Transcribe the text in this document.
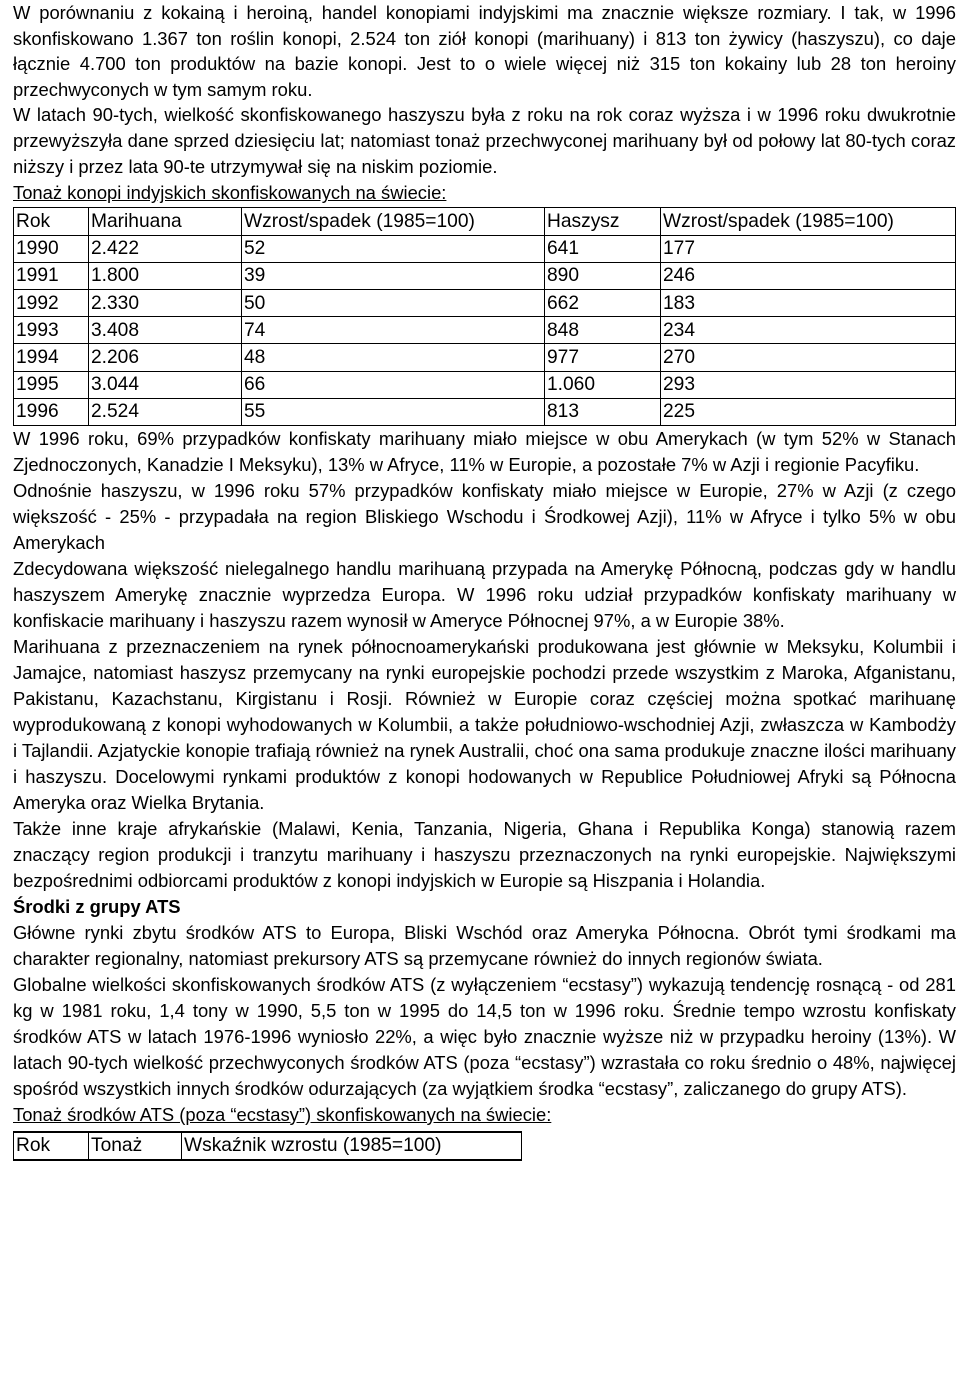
W porównaniu z kokainą i heroiną, handel konopiami indyjskimi ma znacznie większe rozmiary. I tak, w 1996 skonfiskowano 1.367 ton roślin konopi, 2.524 ton ziół konopi (marihuany) i 813 ton żywicy (haszyszu), co daje łącznie 4.700 ton produktów na bazie konopi. Jest to o wiele więcej niż 315 ton kokainy lub 28 ton heroiny przechwyconych w tym samym roku.

W latach 90-tych, wielkość skonfiskowanego haszyszu była z roku na rok coraz wyższa i w 1996 roku dwukrotnie przewyższyła dane sprzed dziesięciu lat; natomiast tonaż przechwyconej marihuany był od połowy lat 80-tych coraz niższy i przez lata 90-te utrzymywał się na niskim poziomie.

Tonaż konopi indyjskich skonfiskowanych na świecie:

Rok	Marihuana	Wzrost/spadek (1985=100)	Haszysz	Wzrost/spadek (1985=100)
1990	2.422	52	641	177
1991	1.800	39	890	246
1992	2.330	50	662	183
1993	3.408	74	848	234
1994	2.206	48	977	270
1995	3.044	66	1.060	293
1996	2.524	55	813	225

W 1996 roku, 69% przypadków konfiskaty marihuany miało miejsce w obu Amerykach (w tym 52% w Stanach Zjednoczonych, Kanadzie I Meksyku), 13% w Afryce, 11% w Europie, a pozostałe 7% w Azji i regionie Pacyfiku.

Odnośnie haszyszu, w 1996 roku 57% przypadków konfiskaty miało miejsce w Europie, 27% w Azji (z czego większość - 25% - przypadała na region Bliskiego Wschodu i Środkowej Azji), 11% w Afryce i tylko 5% w obu Amerykach

Zdecydowana większość nielegalnego handlu marihuaną przypada na Amerykę Północną, podczas gdy w handlu haszyszem Amerykę znacznie wyprzedza Europa. W 1996 roku udział przypadków konfiskaty marihuany w konfiskacie marihuany i haszyszu razem wynosił w Ameryce Północnej 97%, a w Europie 38%.

Marihuana z przeznaczeniem na rynek północnoamerykański produkowana jest głównie w Meksyku, Kolumbii i Jamajce, natomiast haszysz przemycany na rynki europejskie pochodzi przede wszystkim z Maroka, Afganistanu, Pakistanu, Kazachstanu, Kirgistanu i Rosji. Również w Europie coraz częściej można spotkać marihuanę wyprodukowaną z konopi wyhodowanych w Kolumbii, a także południowo-wschodniej Azji, zwłaszcza w Kambodży i Tajlandii. Azjatyckie konopie trafiają również na rynek Australii, choć ona sama produkuje znaczne ilości marihuany i haszyszu. Docelowymi rynkami produktów z konopi hodowanych w Republice Południowej Afryki są Północna Ameryka oraz Wielka Brytania.

Także inne kraje afrykańskie (Malawi, Kenia, Tanzania, Nigeria, Ghana i Republika Konga) stanowią razem znaczący region produkcji i tranzytu marihuany i haszyszu przeznaczonych na rynki europejskie. Największymi bezpośrednimi odbiorcami produktów z konopi indyjskich w Europie są Hiszpania i Holandia.

Środki z grupy ATS

Główne rynki zbytu środków ATS to Europa, Bliski Wschód oraz Ameryka Północna. Obrót tymi środkami ma charakter regionalny, natomiast prekursory ATS są przemycane również do innych regionów świata.

Globalne wielkości skonfiskowanych środków ATS (z wyłączeniem “ecstasy”) wykazują tendencję rosnącą - od 281 kg w 1981 roku, 1,4 tony w 1990, 5,5 ton w 1995 do 14,5 ton w 1996 roku. Średnie tempo wzrostu konfiskaty środków ATS w latach 1976-1996 wyniosło 22%, a więc było znacznie wyższe niż w przypadku heroiny (13%). W latach 90-tych wielkość przechwyconych środków ATS (poza “ecstasy”) wzrastała co roku średnio o 48%, najwięcej spośród wszystkich innych środków odurzających (za wyjątkiem środka “ecstasy”, zaliczanego do grupy ATS).

Tonaż środków ATS (poza “ecstasy”) skonfiskowanych na świecie:

Rok	Tonaż	Wskaźnik wzrostu (1985=100)
